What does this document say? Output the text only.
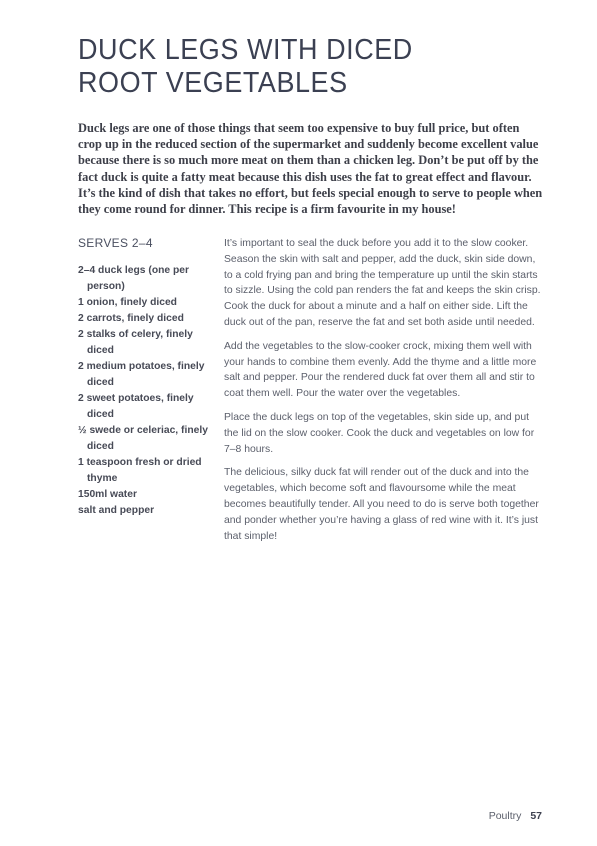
DUCK LEGS WITH DICED
ROOT VEGETABLES

Duck legs are one of those things that seem too expensive to buy full price, but often crop up in the reduced section of the supermarket and suddenly become excellent value because there is so much more meat on them than a chicken leg. Don’t be put off by the fact duck is quite a fatty meat because this dish uses the fat to great effect and flavour. It’s the kind of dish that takes no effort, but feels special enough to serve to people when they come round for dinner. This recipe is a firm favourite in my house!

SERVES 2–4
2–4 duck legs (one per person)
1 onion, finely diced
2 carrots, finely diced
2 stalks of celery, finely diced
2 medium potatoes, finely diced
2 sweet potatoes, finely diced
½ swede or celeriac, finely diced
1 teaspoon fresh or dried thyme
150ml water
salt and pepper

It’s important to seal the duck before you add it to the slow cooker. Season the skin with salt and pepper, add the duck, skin side down, to a cold frying pan and bring the temperature up until the skin starts to sizzle. Using the cold pan renders the fat and keeps the skin crisp. Cook the duck for about a minute and a half on either side. Lift the duck out of the pan, reserve the fat and set both aside until needed.

Add the vegetables to the slow-cooker crock, mixing them well with your hands to combine them evenly. Add the thyme and a little more salt and pepper. Pour the rendered duck fat over them all and stir to coat them well. Pour the water over the vegetables.

Place the duck legs on top of the vegetables, skin side up, and put the lid on the slow cooker. Cook the duck and vegetables on low for 7–8 hours.

The delicious, silky duck fat will render out of the duck and into the vegetables, which become soft and flavoursome while the meat becomes beautifully tender. All you need to do is serve both together and ponder whether you’re having a glass of red wine with it. It’s just that simple!

Poultry 57
